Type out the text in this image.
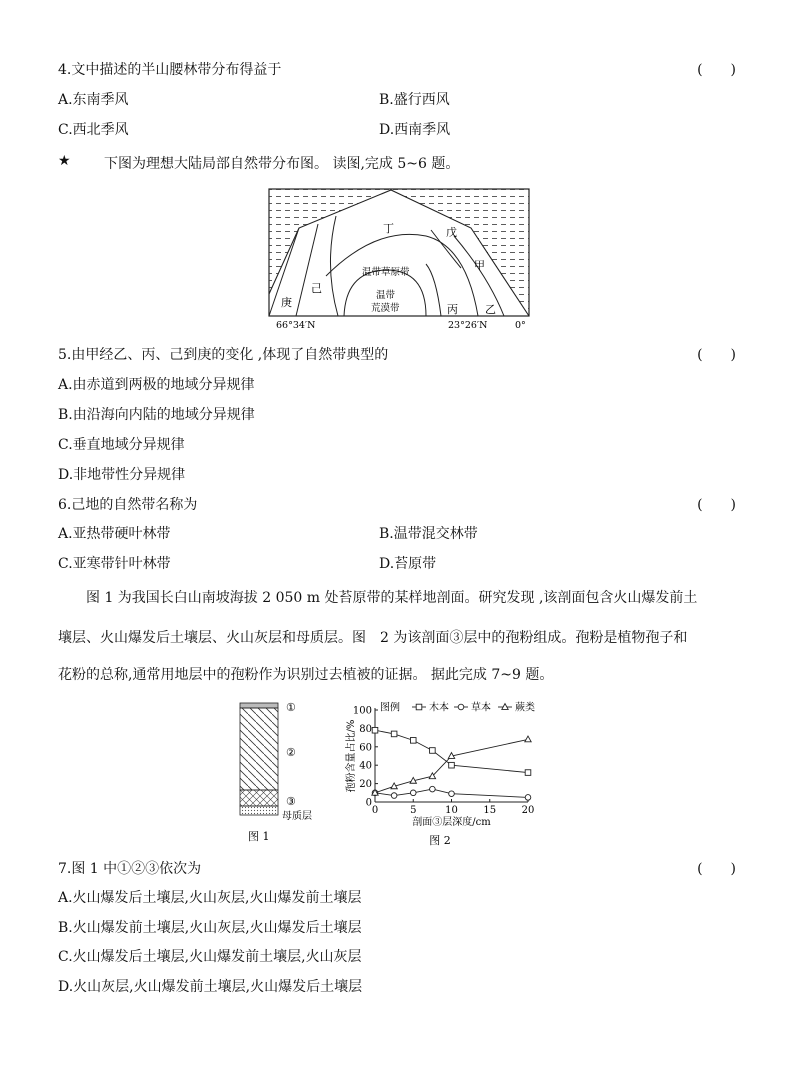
4.文中描述的半山腰林带分布得益于	(　　)
A.东南季风	B.盛行西风
C.西北季风	D.西南季风
★ 下图为理想大陆局部自然带分布图。 读图,完成 5~6 题。
丁	戊
甲
己
庚
丙 乙
温带草原带
温带
荒漠带
66°34′N	23°26′N	0°
5.由甲经乙、丙、己到庚的变化 ,体现了自然带典型的	(　　)
A.由赤道到两极的地域分异规律
B.由沿海向内陆的地域分异规律
C.垂直地域分异规律
D.非地带性分异规律
6.己地的自然带名称为	(　　)
A.亚热带硬叶林带	B.温带混交林带
C.亚寒带针叶林带	D.苔原带
图 1 为我国长白山南坡海拔 2 050 m 处苔原带的某样地剖面。研究发现 ,该剖面包含火山爆发前土
壤层、火山爆发后土壤层、火山灰层和母质层。图　2 为该剖面③层中的孢粉组成。孢粉是植物孢子和
花粉的总称,通常用地层中的孢粉作为识别过去植被的证据。 据此完成 7~9 题。
①
②
③
母质层
图 1
0	5	10	15	20
0
20
40
60
80
100
剖面③层深度/cm
孢粉含量占比/%
图例	木本 草本 蕨类
图 2
7.图 1 中①②③依次为	(　　)
A.火山爆发后土壤层,火山灰层,火山爆发前土壤层
B.火山爆发前土壤层,火山灰层,火山爆发后土壤层
C.火山爆发后土壤层,火山爆发前土壤层,火山灰层
D.火山灰层,火山爆发前土壤层,火山爆发后土壤层
